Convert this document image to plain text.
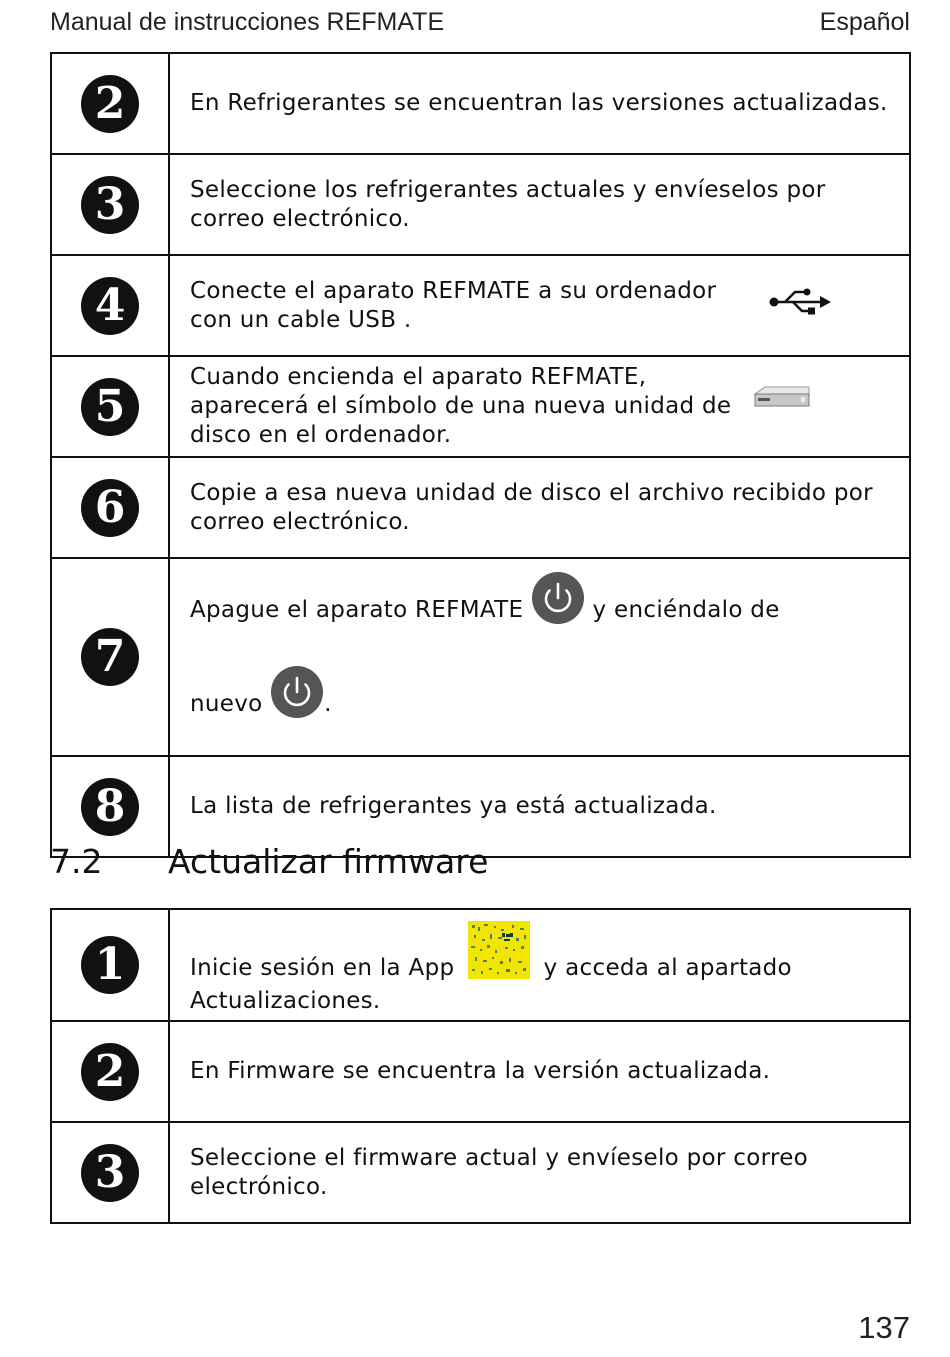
Manual de instrucciones REFMATE	Español
2	En Refrigerantes se encuentran las versiones actualizadas.
3	Seleccione los refrigerantes actuales y envíeselos por correo electrónico.
4	Conecte el aparato REFMATE a su ordenador con un cable USB .

5	Cuando encienda el aparato REFMATE, aparecerá el símbolo de una nueva unidad de disco en el ordenador.

6	Copie a esa nueva unidad de disco el archivo recibido por correo electrónico.
7	Apague el aparato REFMATE y enciéndalo de
nuevo .

8	La lista de refrigerantes ya está actualizada.
7.2 Actualizar firmware
1	Inicie sesión en la App y acceda al apartado
Actualizaciones.

2	En Firmware se encuentra la versión actualizada.
3	Seleccione el firmware actual y envíeselo por correo electrónico.
137
